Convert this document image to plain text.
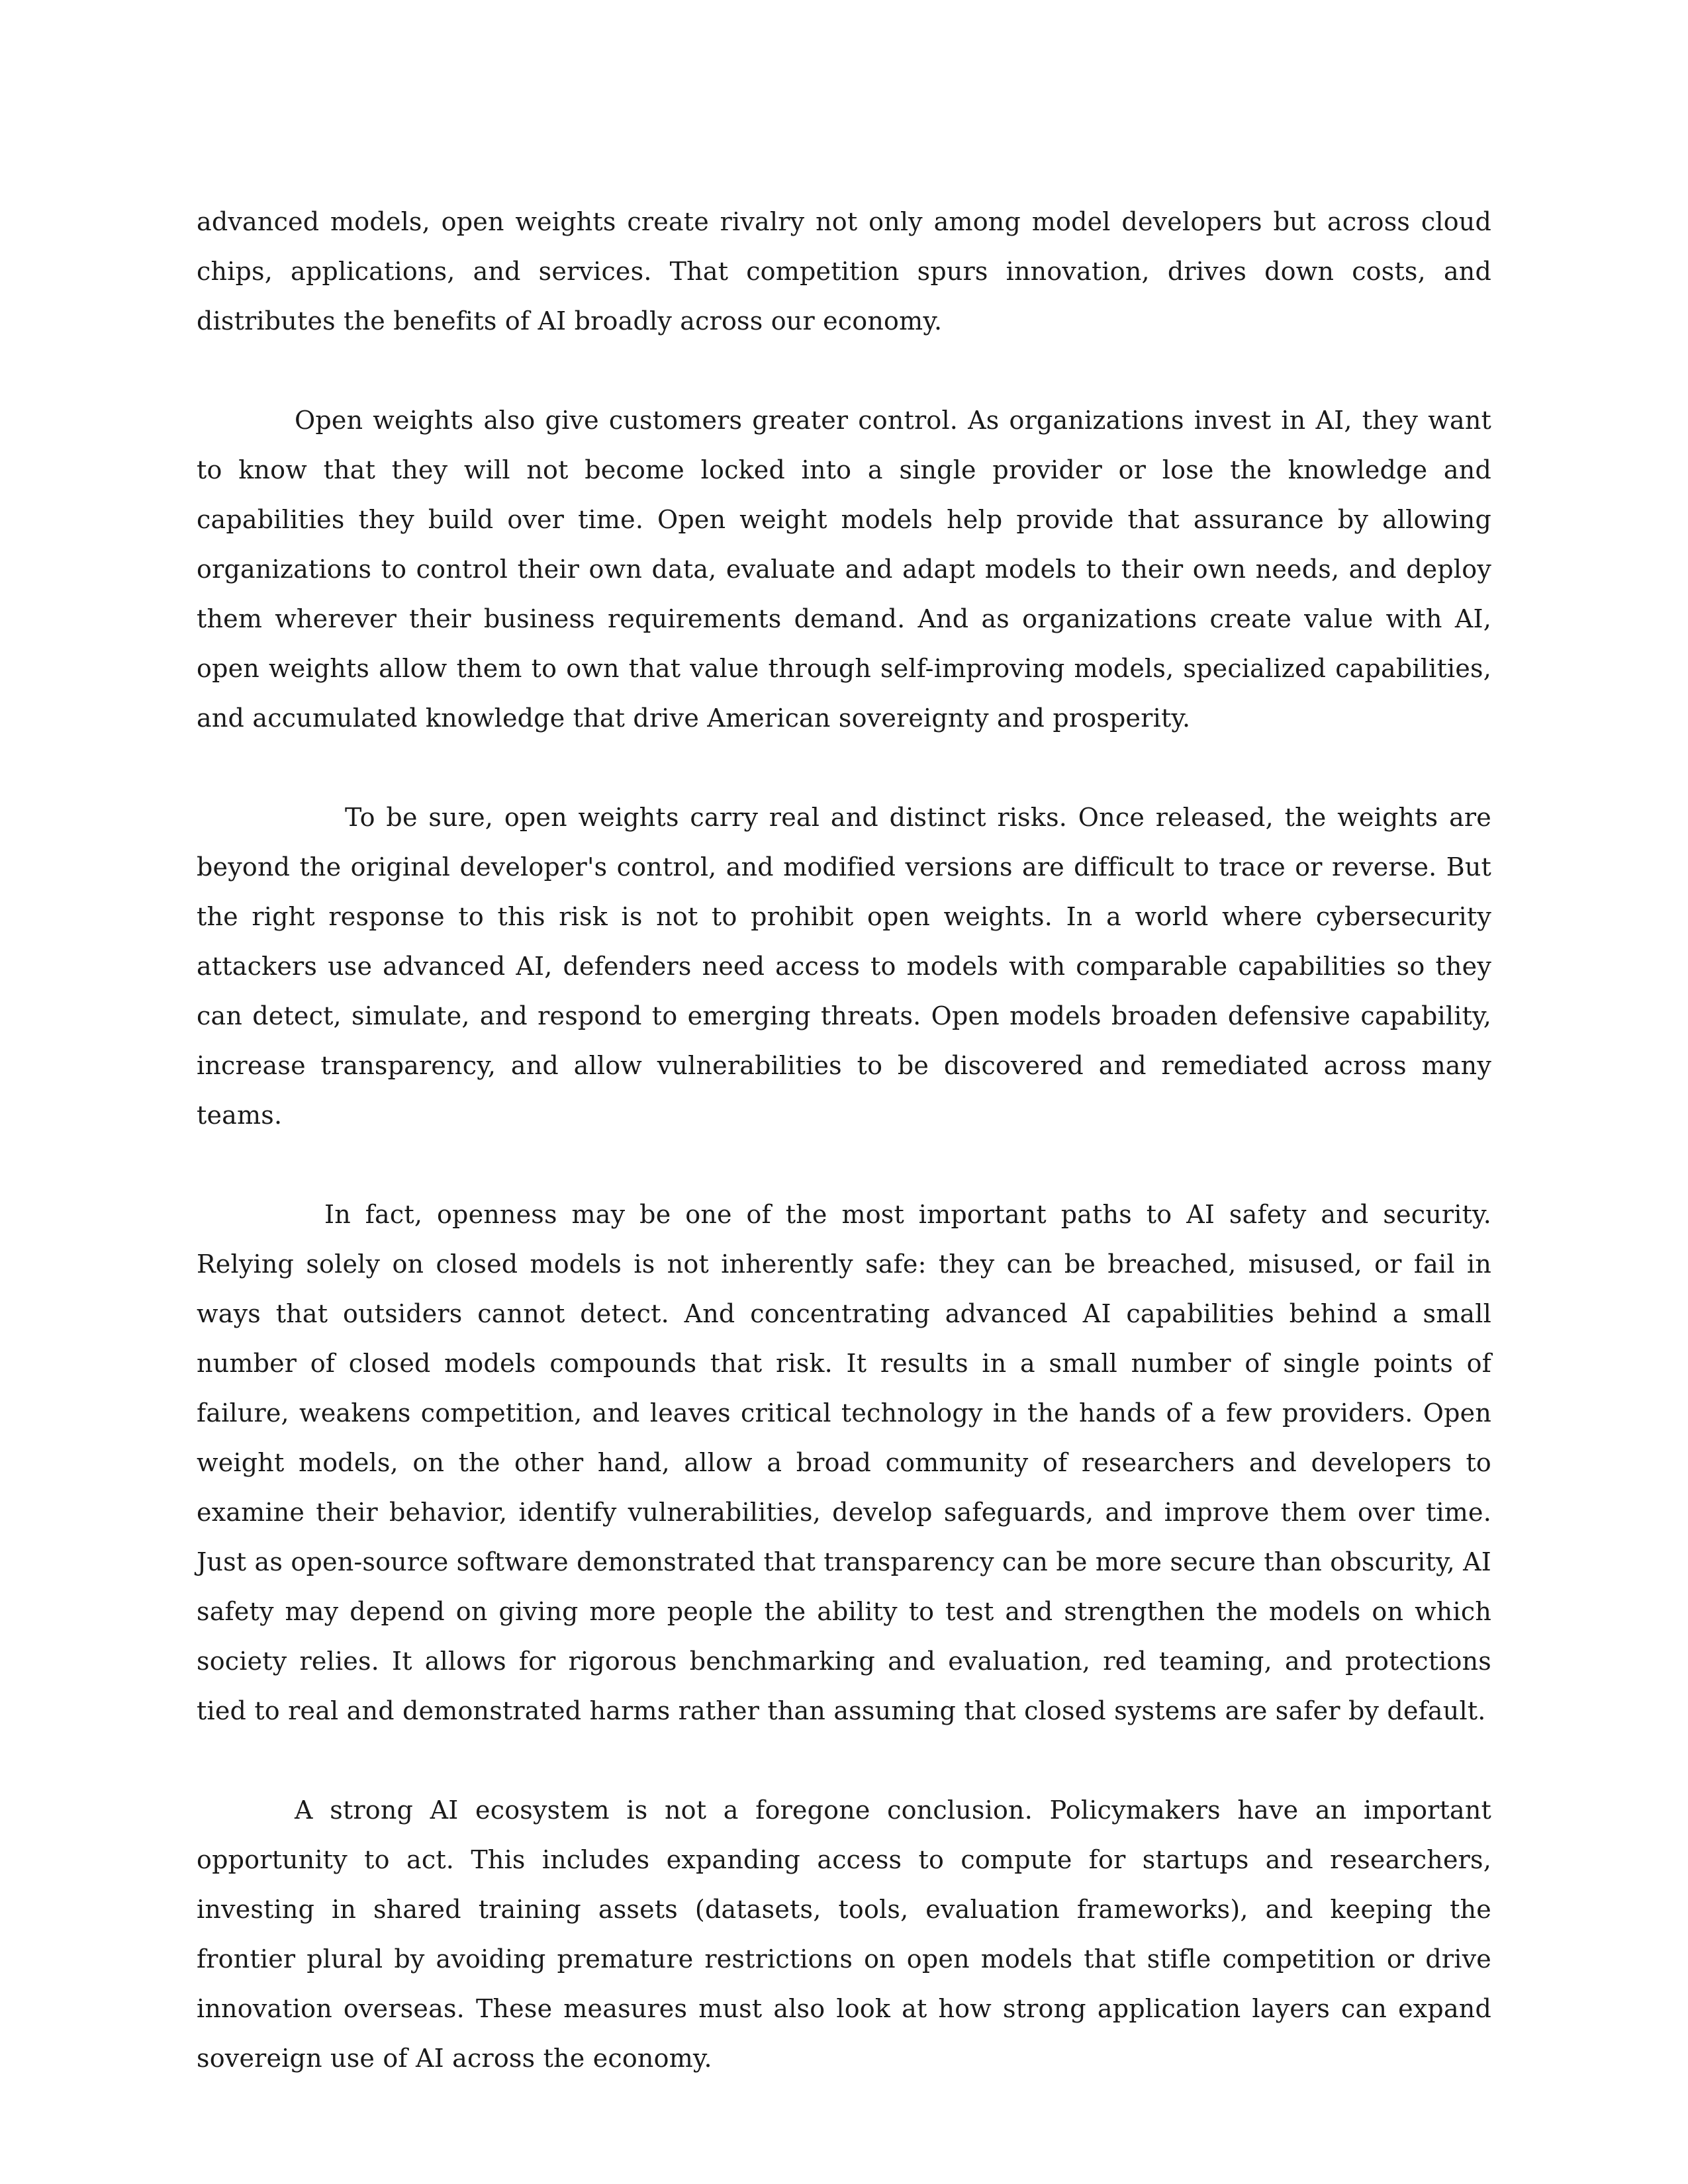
advanced models, open weights create rivalry not only among model developers but across cloud chips, applications, and services. That competition spurs innovation, drives down costs, and distributes the benefits of AI broadly across our economy.

Open weights also give customers greater control. As organizations invest in AI, they want to know that they will not become locked into a single provider or lose the knowledge and capabilities they build over time. Open weight models help provide that assurance by allowing organizations to control their own data, evaluate and adapt models to their own needs, and deploy them wherever their business requirements demand. And as organizations create value with AI, open weights allow them to own that value through self-improving models, specialized capabilities, and accumulated knowledge that drive American sovereignty and prosperity.

To be sure, open weights carry real and distinct risks. Once released, the weights are beyond the original developer's control, and modified versions are difficult to trace or reverse. But the right response to this risk is not to prohibit open weights. In a world where cybersecurity attackers use advanced AI, defenders need access to models with comparable capabilities so they can detect, simulate, and respond to emerging threats. Open models broaden defensive capability, increase transparency, and allow vulnerabilities to be discovered and remediated across many teams.

In fact, openness may be one of the most important paths to AI safety and security. Relying solely on closed models is not inherently safe: they can be breached, misused, or fail in ways that outsiders cannot detect. And concentrating advanced AI capabilities behind a small number of closed models compounds that risk. It results in a small number of single points of failure, weakens competition, and leaves critical technology in the hands of a few providers. Open weight models, on the other hand, allow a broad community of researchers and developers to examine their behavior, identify vulnerabilities, develop safeguards, and improve them over time. Just as open-source software demonstrated that transparency can be more secure than obscurity, AI safety may depend on giving more people the ability to test and strengthen the models on which society relies. It allows for rigorous benchmarking and evaluation, red teaming, and protections tied to real and demonstrated harms rather than assuming that closed systems are safer by default.

A strong AI ecosystem is not a foregone conclusion. Policymakers have an important opportunity to act. This includes expanding access to compute for startups and researchers, investing in shared training assets (datasets, tools, evaluation frameworks), and keeping the frontier plural by avoiding premature restrictions on open models that stifle competition or drive innovation overseas. These measures must also look at how strong application layers can expand sovereign use of AI across the economy.
